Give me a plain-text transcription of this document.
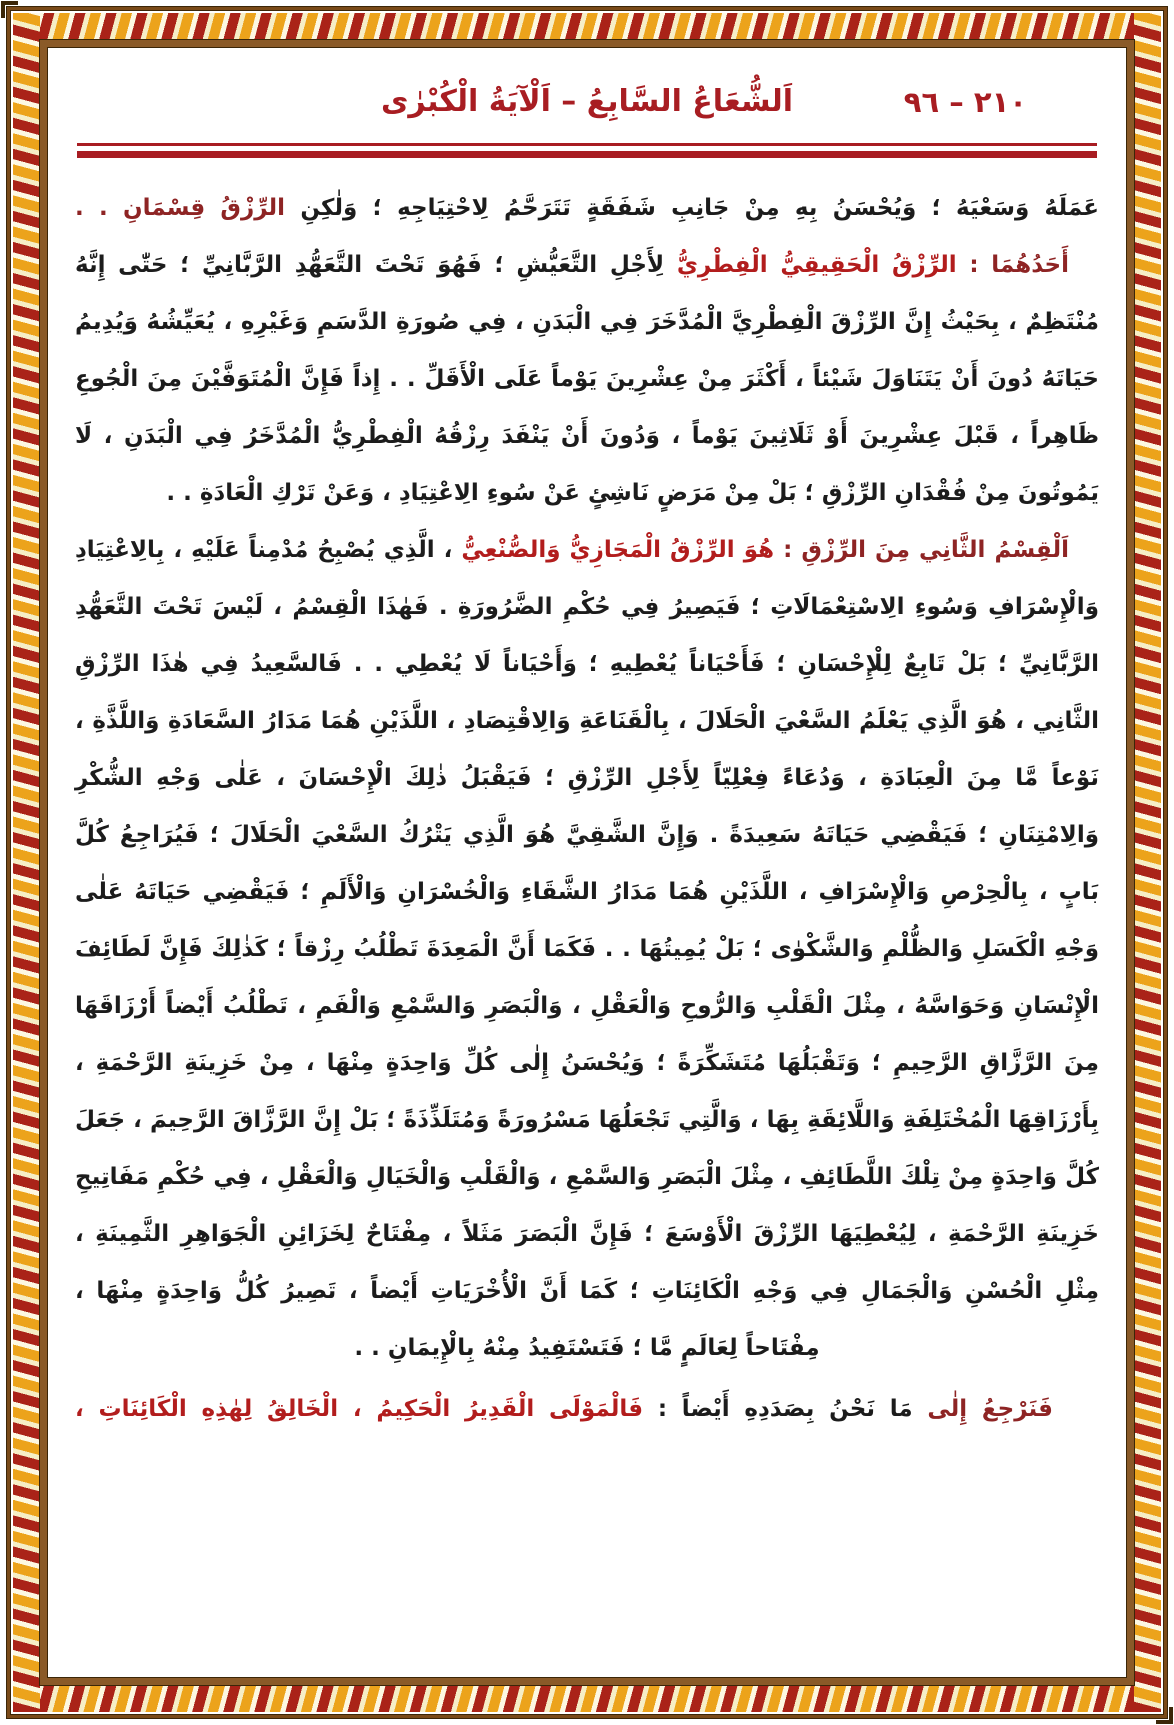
اَلشُّعَاعُ السَّابِعُ – اَلْآيَةُ الْكُبْرٰى	٢١٠ – ٩٦

عَمَلَهُ وَسَعْيَهُ ؛ وَيُحْسَنُ بِهِ مِنْ جَانِبِ شَفَقَةٍ تَتَرَحَّمُ لِاحْتِيَاجِهِ ؛ وَلٰكِنِ الرِّزْقُ قِسْمَانِ . .

أَحَدُهُمَا : الرِّزْقُ الْحَقِيقِيُّ الْفِطْرِيُّ لِأَجْلِ التَّعَيُّشِ ؛ فَهُوَ تَحْتَ التَّعَهُّدِ الرَّبَّانِيِّ ؛ حَتّٰى إِنَّهُ مُنْتَظِمٌ ، بِحَيْثُ إِنَّ الرِّزْقَ الْفِطْرِيَّ الْمُدَّخَرَ فِي الْبَدَنِ ، فِي صُورَةِ الدَّسَمِ وَغَيْرِهِ ، يُعَيِّشُهُ وَيُدِيمُ حَيَاتَهُ دُونَ أَنْ يَتَنَاوَلَ شَيْئاً ، أَكْثَرَ مِنْ عِشْرِينَ يَوْماً عَلَى الْأَقَلِّ . . إِذاً فَإِنَّ الْمُتَوَفَّيْنَ مِنَ الْجُوعِ ظَاهِراً ، قَبْلَ عِشْرِينَ أَوْ ثَلَاثِينَ يَوْماً ، وَدُونَ أَنْ يَنْفَدَ رِزْقُهُ الْفِطْرِيُّ الْمُدَّخَرُ فِي الْبَدَنِ ، لَا يَمُوتُونَ مِنْ فُقْدَانِ الرِّزْقِ ؛ بَلْ مِنْ مَرَضٍ نَاشِئٍ عَنْ سُوءِ الِاعْتِيَادِ ، وَعَنْ تَرْكِ الْعَادَةِ . .

اَلْقِسْمُ الثَّانِي مِنَ الرِّزْقِ : هُوَ الرِّزْقُ الْمَجَازِيُّ وَالصُّنْعِيُّ ، الَّذِي يُصْبِحُ مُدْمِناً عَلَيْهِ ، بِالِاعْتِيَادِ وَالْإِسْرَافِ وَسُوءِ الِاسْتِعْمَالَاتِ ؛ فَيَصِيرُ فِي حُكْمِ الضَّرُورَةِ . فَهٰذَا الْقِسْمُ ، لَيْسَ تَحْتَ التَّعَهُّدِ الرَّبَّانِيِّ ؛ بَلْ تَابِعٌ لِلْإِحْسَانِ ؛ فَأَحْيَاناً يُعْطِيهِ ؛ وَأَحْيَاناً لَا يُعْطِي . . فَالسَّعِيدُ فِي هٰذَا الرِّزْقِ الثَّانِي ، هُوَ الَّذِي يَعْلَمُ السَّعْيَ الْحَلَالَ ، بِالْقَنَاعَةِ وَالِاقْتِصَادِ ، اللَّذَيْنِ هُمَا مَدَارُ السَّعَادَةِ وَاللَّذَّةِ ، نَوْعاً مَّا مِنَ الْعِبَادَةِ ، وَدُعَاءً فِعْلِيّاً لِأَجْلِ الرِّزْقِ ؛ فَيَقْبَلُ ذٰلِكَ الْإِحْسَانَ ، عَلٰى وَجْهِ الشُّكْرِ وَالِامْتِنَانِ ؛ فَيَقْضِي حَيَاتَهُ سَعِيدَةً . وَإِنَّ الشَّقِيَّ هُوَ الَّذِي يَتْرُكُ السَّعْيَ الْحَلَالَ ؛ فَيُرَاجِعُ كُلَّ بَابٍ ، بِالْحِرْصِ وَالْإِسْرَافِ ، اللَّذَيْنِ هُمَا مَدَارُ الشَّقَاءِ وَالْخُسْرَانِ وَالْأَلَمِ ؛ فَيَقْضِي حَيَاتَهُ عَلٰى وَجْهِ الْكَسَلِ وَالظُّلْمِ وَالشَّكْوٰى ؛ بَلْ يُمِيتُهَا . . فَكَمَا أَنَّ الْمَعِدَةَ تَطْلُبُ رِزْقاً ؛ كَذٰلِكَ فَإِنَّ لَطَائِفَ الْإِنْسَانِ وَحَوَاسَّهُ ، مِثْلَ الْقَلْبِ وَالرُّوحِ وَالْعَقْلِ ، وَالْبَصَرِ وَالسَّمْعِ وَالْفَمِ ، تَطْلُبُ أَيْضاً أَرْزَاقَهَا مِنَ الرَّزَّاقِ الرَّحِيمِ ؛ وَتَقْبَلُهَا مُتَشَكِّرَةً ؛ وَيُحْسَنُ إِلٰى كُلِّ وَاحِدَةٍ مِنْهَا ، مِنْ خَزِينَةِ الرَّحْمَةِ ، بِأَرْزَاقِهَا الْمُخْتَلِفَةِ وَاللَّائِقَةِ بِهَا ، وَالَّتِي تَجْعَلُهَا مَسْرُورَةً وَمُتَلَذِّذَةً ؛ بَلْ إِنَّ الرَّزَّاقَ الرَّحِيمَ ، جَعَلَ كُلَّ وَاحِدَةٍ مِنْ تِلْكَ اللَّطَائِفِ ، مِثْلَ الْبَصَرِ وَالسَّمْعِ ، وَالْقَلْبِ وَالْخَيَالِ وَالْعَقْلِ ، فِي حُكْمِ مَفَاتِيحِ خَزِينَةِ الرَّحْمَةِ ، لِيُعْطِيَهَا الرِّزْقَ الْأَوْسَعَ ؛ فَإِنَّ الْبَصَرَ مَثَلاً ، مِفْتَاحٌ لِخَزَائِنِ الْجَوَاهِرِ الثَّمِينَةِ ، مِثْلِ الْحُسْنِ وَالْجَمَالِ فِي وَجْهِ الْكَائِنَاتِ ؛ كَمَا أَنَّ الْأُخْرَيَاتِ أَيْضاً ، تَصِيرُ كُلُّ وَاحِدَةٍ مِنْهَا ، مِفْتَاحاً لِعَالَمٍ مَّا ؛ فَتَسْتَفِيدُ مِنْهُ بِالْإِيمَانِ . .

فَنَرْجِعُ إِلٰى مَا نَحْنُ بِصَدَدِهِ أَيْضاً : فَالْمَوْلَى الْقَدِيرُ الْحَكِيمُ ، الْخَالِقُ لِهٰذِهِ الْكَائِنَاتِ ،
